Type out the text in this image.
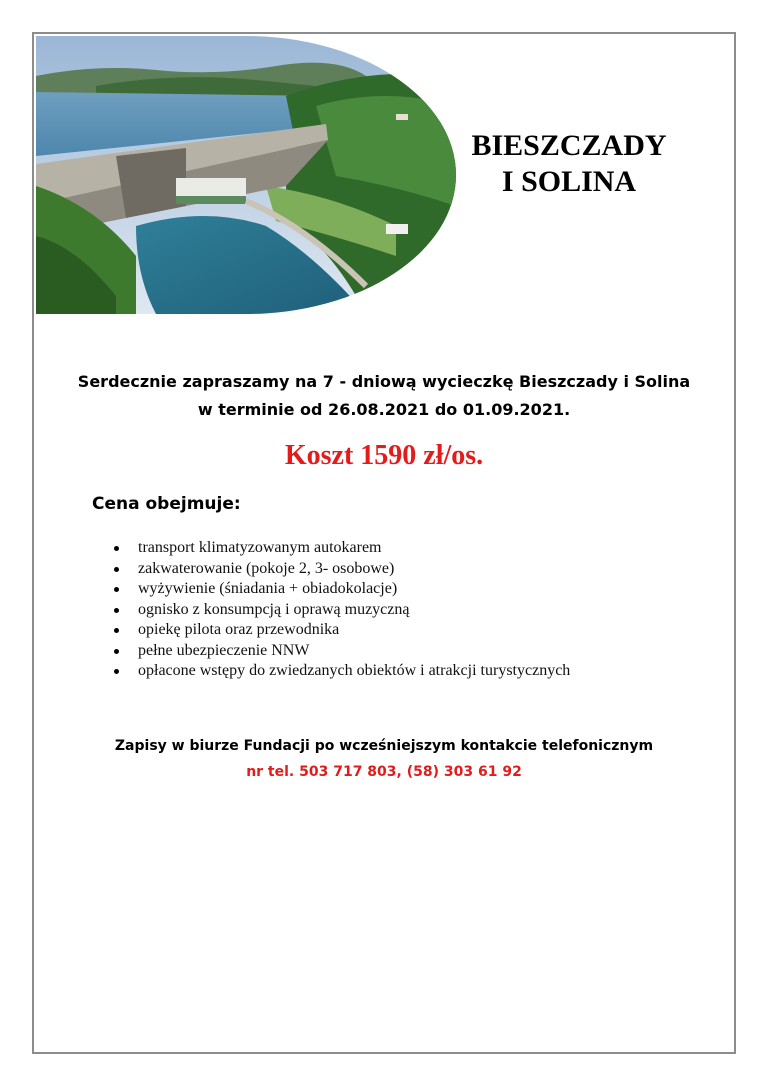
BIESZCZADY
I SOLINA
Serdecznie zapraszamy na 7 - dniową wycieczkę Bieszczady i Solina
w terminie od 26.08.2021 do 01.09.2021.
Koszt 1590 zł/os.
Cena obejmuje:
transport klimatyzowanym autokarem
zakwaterowanie (pokoje 2, 3- osobowe)
wyżywienie (śniadania + obiadokolacje)
ognisko z konsumpcją i oprawą muzyczną
opiekę pilota oraz przewodnika
pełne ubezpieczenie NNW
opłacone wstępy do zwiedzanych obiektów i atrakcji turystycznych
Zapisy w biurze Fundacji po wcześniejszym kontakcie telefonicznym
nr tel. 503 717 803, (58) 303 61 92
